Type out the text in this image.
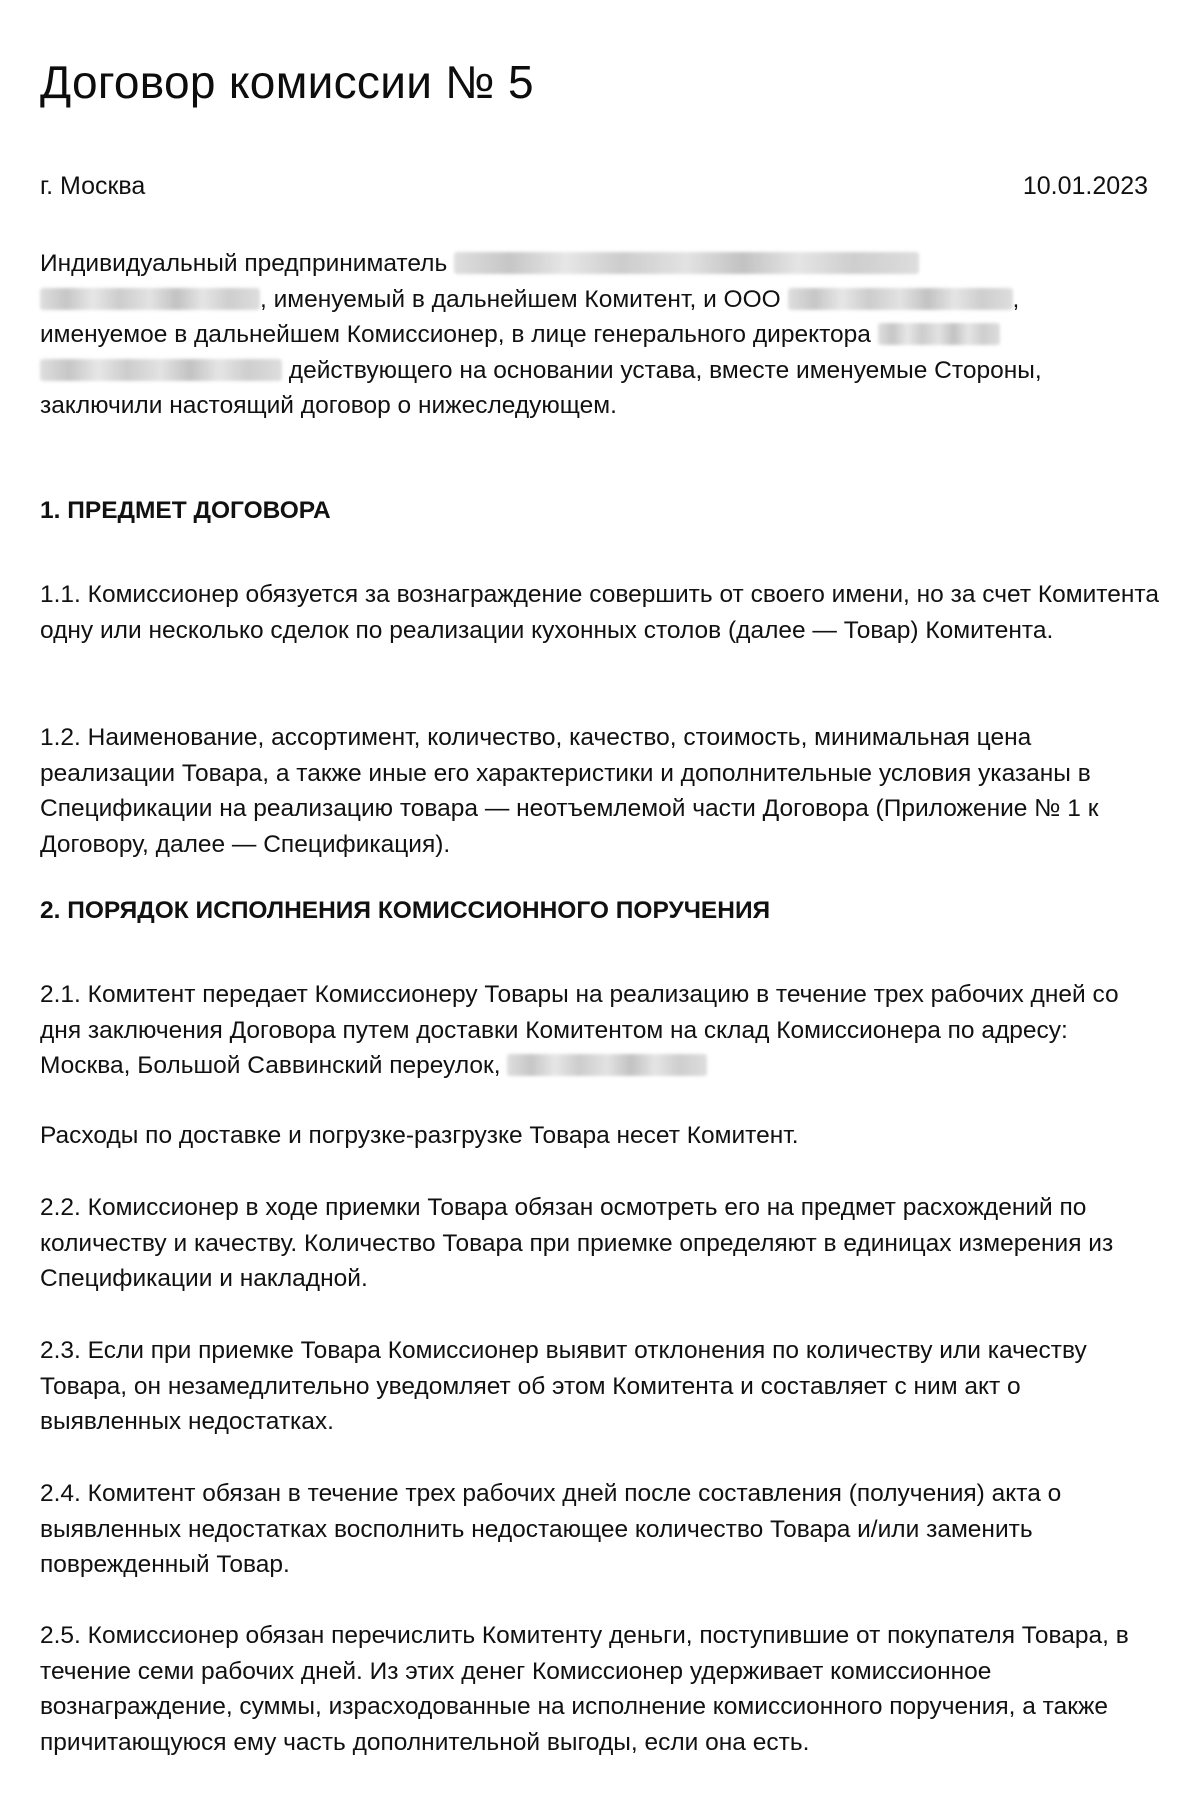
Договор комиссии № 5
г. Москва	10.01.2023

Индивидуальный предприниматель
, именуемый в дальнейшем Комитент, и ООО	,
именуемое в дальнейшем Комиссионер, в лице генерального директора
действующего на основании устава, вместе именуемые Стороны,
заключили настоящий договор о нижеследующем.

1. ПРЕДМЕТ ДОГОВОРА

1.1. Комиссионер обязуется за вознаграждение совершить от своего имени, но за счет Комитента одну или несколько сделок по реализации кухонных столов (далее — Товар) Комитента.

1.2. Наименование, ассортимент, количество, качество, стоимость, минимальная цена реализации Товара, а также иные его характеристики и дополнительные условия указаны в Спецификации на реализацию товара — неотъемлемой части Договора (Приложение № 1 к Договору, далее — Спецификация).

2. ПОРЯДОК ИСПОЛНЕНИЯ КОМИССИОННОГО ПОРУЧЕНИЯ

2.1. Комитент передает Комиссионеру Товары на реализацию в течение трех рабочих дней со дня заключения Договора путем доставки Комитентом на склад Комиссионера по адресу: Москва, Большой Саввинский переулок,

Расходы по доставке и погрузке-разгрузке Товара несет Комитент.

2.2. Комиссионер в ходе приемки Товара обязан осмотреть его на предмет расхождений по количеству и качеству. Количество Товара при приемке определяют в единицах измерения из Спецификации и накладной.

2.3. Если при приемке Товара Комиссионер выявит отклонения по количеству или качеству Товара, он незамедлительно уведомляет об этом Комитента и составляет с ним акт о выявленных недостатках.

2.4. Комитент обязан в течение трех рабочих дней после составления (получения) акта о выявленных недостатках восполнить недостающее количество Товара и/или заменить поврежденный Товар.

2.5. Комиссионер обязан перечислить Комитенту деньги, поступившие от покупателя Товара, в течение семи рабочих дней. Из этих денег Комиссионер удерживает комиссионное вознаграждение, суммы, израсходованные на исполнение комиссионного поручения, а также причитающуюся ему часть дополнительной выгоды, если она есть.
